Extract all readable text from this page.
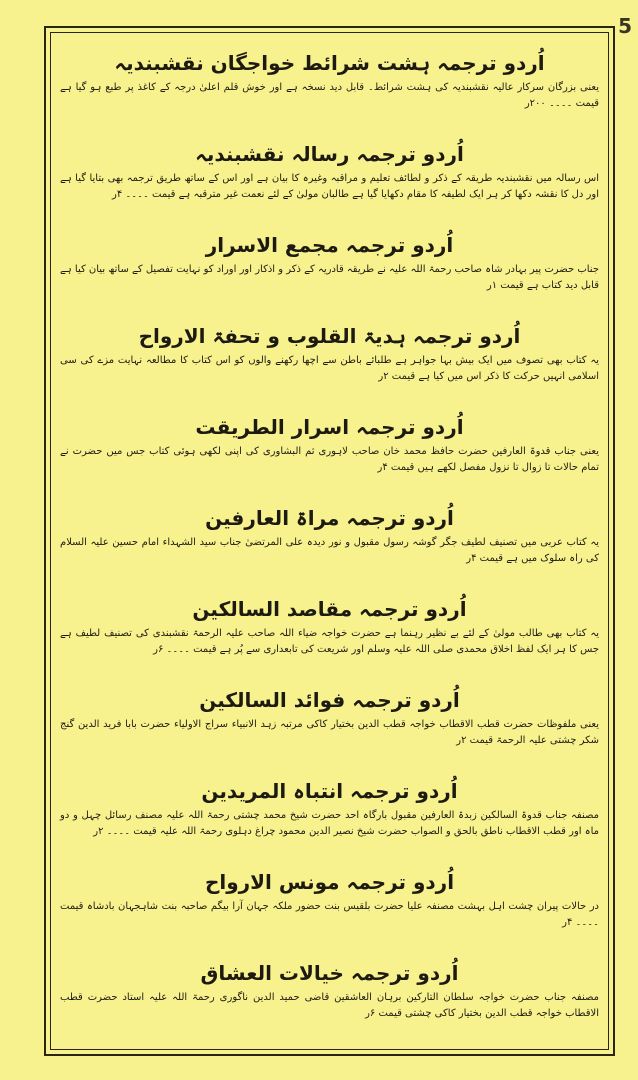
5
اُردو ترجمہ ہشت شرائط خواجگان نقشبندیہ
یعنی بزرگان سرکار عالیہ نقشبندیہ کی ہشت شرائط۔ قابل دید نسخہ ہے اور خوش قلم اعلیٰ درجہ کے کاغذ پر طبع ہو گیا ہے قیمت ۔۔۔۔ ۲۰۰ر
اُردو ترجمہ رسالہ نقشبندیہ
اس رسالہ میں نقشبندیہ طریقہ کے ذکر و لطائف تعلیم و مراقبہ وغیرہ کا بیان ہے اور اس کے ساتھ طریق ترجمہ بھی بتایا گیا ہے اور دل کا نقشہ دکھا کر ہر ایک لطیفہ کا مقام دکھایا گیا ہے طالبان مولیٰ کے لئے نعمت غیر مترقبہ ہے قیمت ۔۔۔۔ ۴ر
اُردو ترجمہ مجمع الاسرار
جناب حضرت پیر بہادر شاہ صاحب رحمۃ اللہ علیہ نے طریقہ قادریہ کے ذکر و اذکار اور اوراد کو نہایت تفصیل کے ساتھ بیان کیا ہے قابل دید کتاب ہے قیمت ۱ر
اُردو ترجمہ ہدیۃ القلوب و تحفۃ الارواح
یہ کتاب بھی تصوف میں ایک بیش بہا جواہر ہے طلبائے باطن سے اچھا رکھنے والوں کو اس کتاب کا مطالعہ نہایت مزے کی سی اسلامی انہیں حرکت کا ذکر اس میں کیا ہے قیمت ۲ر
اُردو ترجمہ اسرار الطریقت
یعنی جناب قدوۃ العارفین حضرت حافظ محمد خان صاحب لاہوری ثم البشاوری کی اپنی لکھی ہوئی کتاب جس میں حضرت نے تمام حالات تا زوال تا نزول مفصل لکھے ہیں قیمت ۴ر
اُردو ترجمہ مراۃ العارفین
یہ کتاب عربی میں تصنیف لطیف جگر گوشہ رسول مقبول و نور دیدہ علی المرتضیٰ جناب سید الشہداء امام حسین علیہ السلام کی راہ سلوک میں ہے قیمت ۴ر
اُردو ترجمہ مقاصد السالکین
یہ کتاب بھی طالب مولیٰ کے لئے بے نظیر رہنما ہے حضرت خواجہ ضیاء اللہ صاحب علیہ الرحمۃ نقشبندی کی تصنیف لطیف ہے جس کا ہر ایک لفظ اخلاق محمدی صلی اللہ علیہ وسلم اور شریعت کی تابعداری سے پُر ہے قیمت ۔۔۔۔ ۶ر
اُردو ترجمہ فوائد السالکین
یعنی ملفوظات حضرت قطب الاقطاب خواجہ قطب الدین بختیار کاکی مرتبہ زہد الانبیاء سراج الاولیاء حضرت بابا فرید الدین گنج شکر چشتی علیہ الرحمۃ قیمت ۲ر
اُردو ترجمہ انتباہ المریدین
مصنفہ جناب قدوۃ السالکین زبدۃ العارفین مقبول بارگاہ احد حضرت شیخ محمد چشتی رحمۃ اللہ علیہ مصنف رسائل چہل و دو ماہ اور قطب الاقطاب ناطق بالحق و الصواب حضرت شیخ نصیر الدین محمود چراغ دہلوی رحمۃ اللہ علیہ قیمت ۔۔۔۔ ۲ر
اُردو ترجمہ مونس الارواح
در حالات پیران چشت اہل بہشت مصنفہ علیا حضرت بلقیس بنت حضور ملکہ جہان آرا بیگم صاحبہ بنت شاہجہان بادشاہ قیمت ۔۔۔۔ ۴ر
اُردو ترجمہ خیالات العشاق
مصنفہ جناب حضرت خواجہ سلطان التارکین برہان العاشقین قاضی حمید الدین ناگوری رحمۃ اللہ علیہ استاد حضرت قطب الاقطاب خواجہ قطب الدین بختیار کاکی چشتی قیمت ۶ر
